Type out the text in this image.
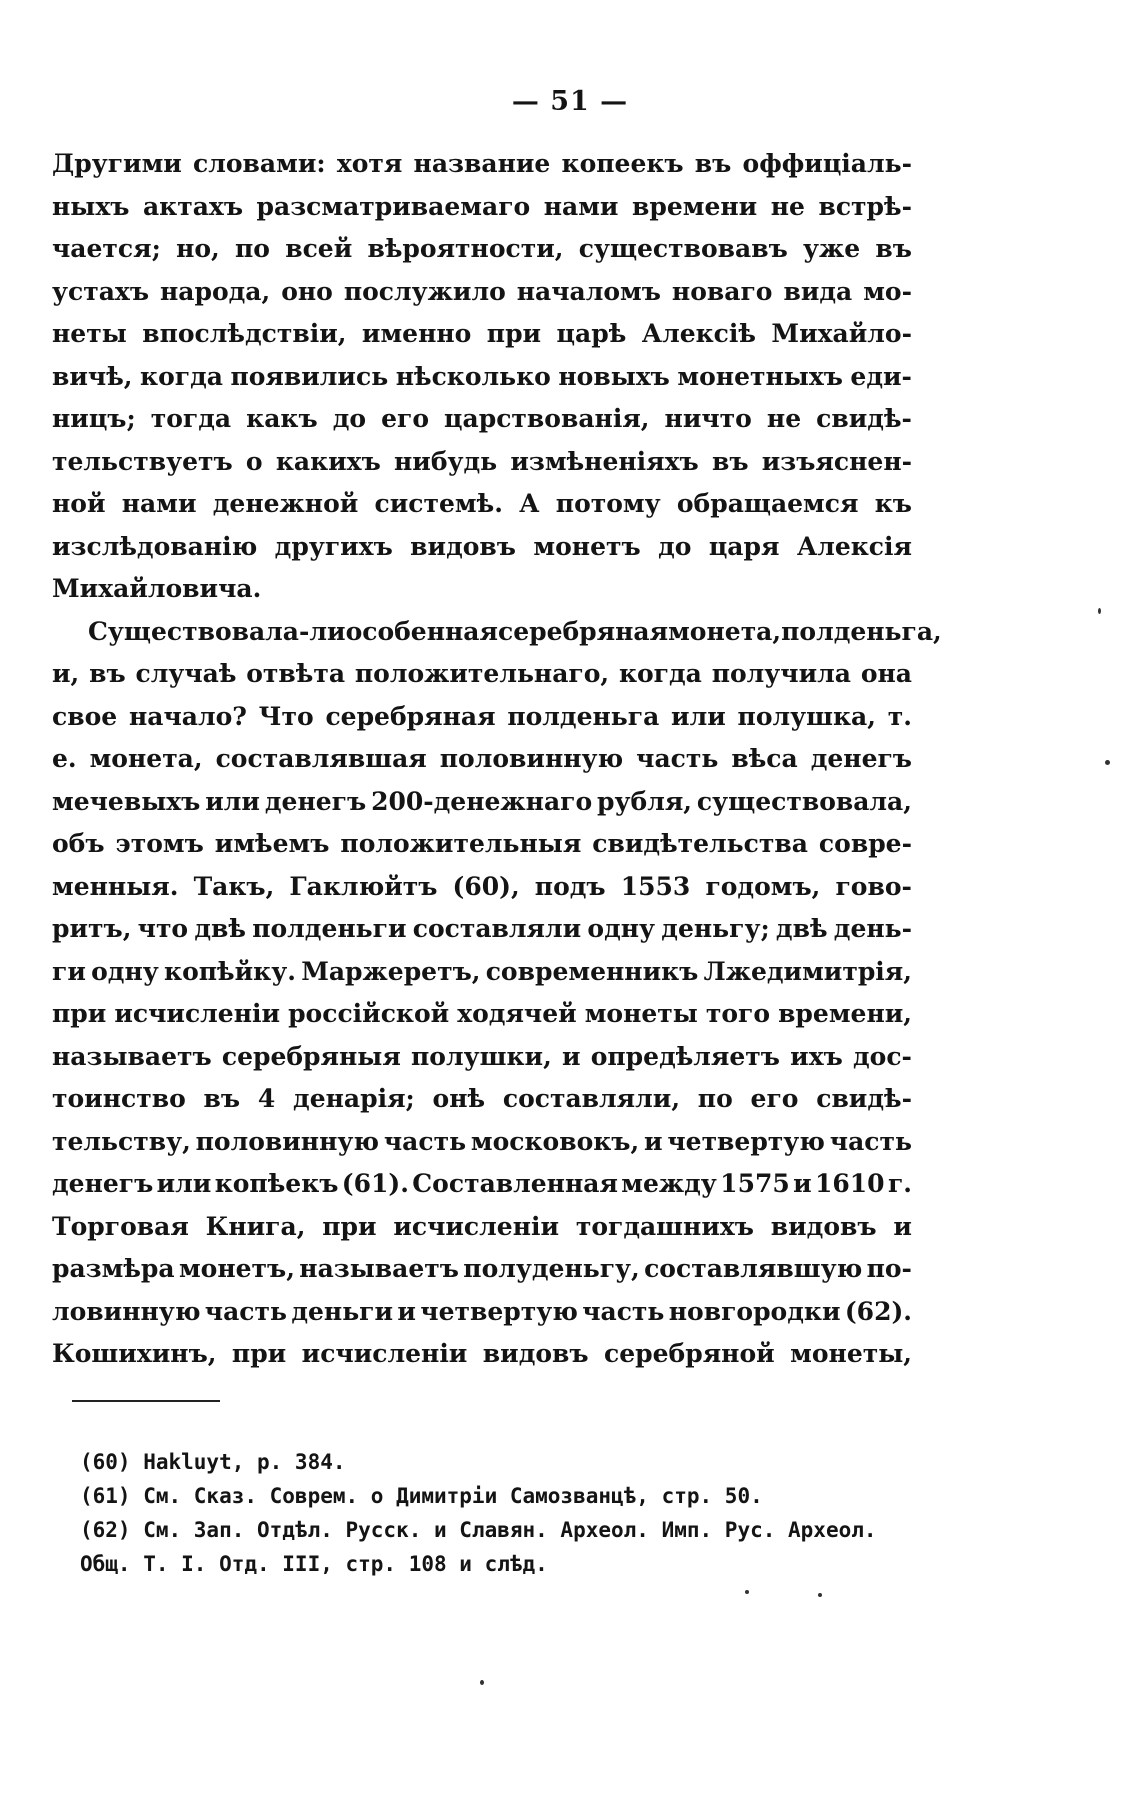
— 51 —
Другими словами: хотя название копеекъ въ оффиціаль-
ныхъ актахъ разсматриваемаго нами времени не встрѣ-
чается; но, по всей вѣроятности, существовавъ уже въ
устахъ народа, оно послужило началомъ новаго вида мо-
неты впослѣдствіи, именно при царѣ Алексіѣ Михайло-
вичѣ, когда появились нѣсколько новыхъ монетныхъ еди-
ницъ; тогда какъ до его царствованія, ничто не свидѣ-
тельствуетъ о какихъ нибудь измѣненіяхъ въ изъяснен-
ной нами денежной системѣ. А потому обращаемся къ
изслѣдованію другихъ видовъ монетъ до царя Алексія
Михайловича.
Существовала-ли особенная серебряная монета, полденьга,
и, въ случаѣ отвѣта положительнаго, когда получила она
свое начало? Что серебряная полденьга или полушка, т.
е. монета, составлявшая половинную часть вѣса денегъ
мечевыхъ или денегъ 200-денежнаго рубля, существовала,
объ этомъ имѣемъ положительныя свидѣтельства совре-
менныя. Такъ, Гаклюйтъ (60), подъ 1553 годомъ, гово-
ритъ, что двѣ полденьги составляли одну деньгу; двѣ день-
ги одну копѣйку. Маржеретъ, современникъ Лжедимитрія,
при исчисленіи россійской ходячей монеты того времени,
называетъ серебряныя полушки, и опредѣляетъ ихъ дос-
тоинство въ 4 денарія; онѣ составляли, по его свидѣ-
тельству, половинную часть московокъ, и четвертую часть
денегъ или копѣекъ (61). Составленная между 1575 и 1610 г.
Торговая Книга, при исчисленіи тогдашнихъ видовъ и
размѣра монетъ, называетъ полуденьгу, составлявшую по-
ловинную часть деньги и четвертую часть новгородки (62).
Кошихинъ, при исчисленіи видовъ серебряной монеты,
(60) Hakluyt, p. 384.
(61) См. Сказ. Соврем. о Димитріи Самозванцѣ, стр. 50.
(62) См. Зап. Отдѣл. Русск. и Славян. Археол. Имп. Рус. Археол.
Общ. Т. I. Отд. III, стр. 108 и слѣд.
